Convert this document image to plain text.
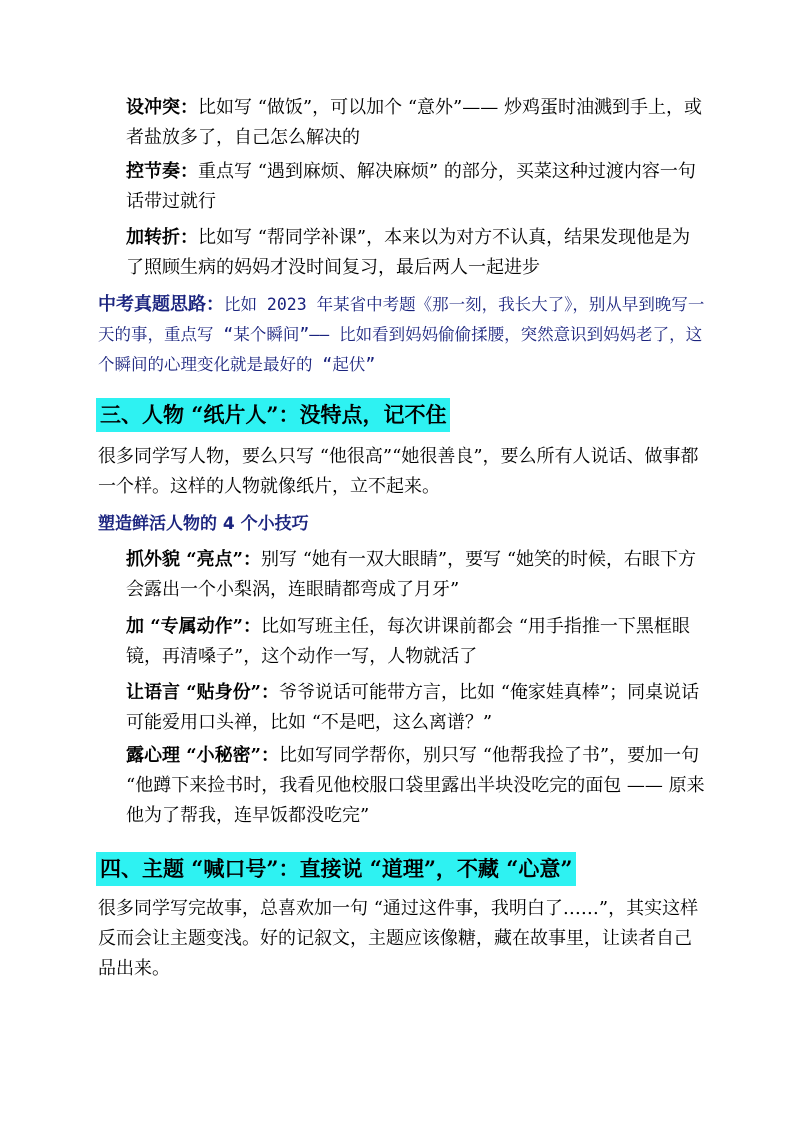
设冲突：比如写 “做饭”，可以加个 “意外”—— 炒鸡蛋时油溅到手上，或者盐放多了，自己怎么解决的

控节奏：重点写 “遇到麻烦、解决麻烦” 的部分，买菜这种过渡内容一句话带过就行

加转折：比如写 “帮同学补课”，本来以为对方不认真，结果发现他是为了照顾生病的妈妈才没时间复习，最后两人一起进步

中考真题思路：比如 2023 年某省中考题《那一刻，我长大了》，别从早到晚写一天的事，重点写 “某个瞬间”—— 比如看到妈妈偷偷揉腰，突然意识到妈妈老了，这个瞬间的心理变化就是最好的 “起伏”

三、人物 “纸片人”：没特点，记不住

很多同学写人物，要么只写 “他很高”“她很善良”，要么所有人说话、做事都一个样。这样的人物就像纸片，立不起来。

塑造鲜活人物的 4 个小技巧

抓外貌 “亮点”：别写 “她有一双大眼睛”，要写 “她笑的时候，右眼下方会露出一个小梨涡，连眼睛都弯成了月牙”

加 “专属动作”：比如写班主任，每次讲课前都会 “用手指推一下黑框眼镜，再清嗓子”，这个动作一写，人物就活了

让语言 “贴身份”：爷爷说话可能带方言，比如 “俺家娃真棒”；同桌说话可能爱用口头禅，比如 “不是吧，这么离谱？”

露心理 “小秘密”：比如写同学帮你，别只写 “他帮我捡了书”，要加一句 “他蹲下来捡书时，我看见他校服口袋里露出半块没吃完的面包 —— 原来他为了帮我，连早饭都没吃完”

四、主题 “喊口号”：直接说 “道理”，不藏 “心意”

很多同学写完故事，总喜欢加一句 “通过这件事，我明白了……”，其实这样反而会让主题变浅。好的记叙文，主题应该像糖，藏在故事里，让读者自己品出来。
